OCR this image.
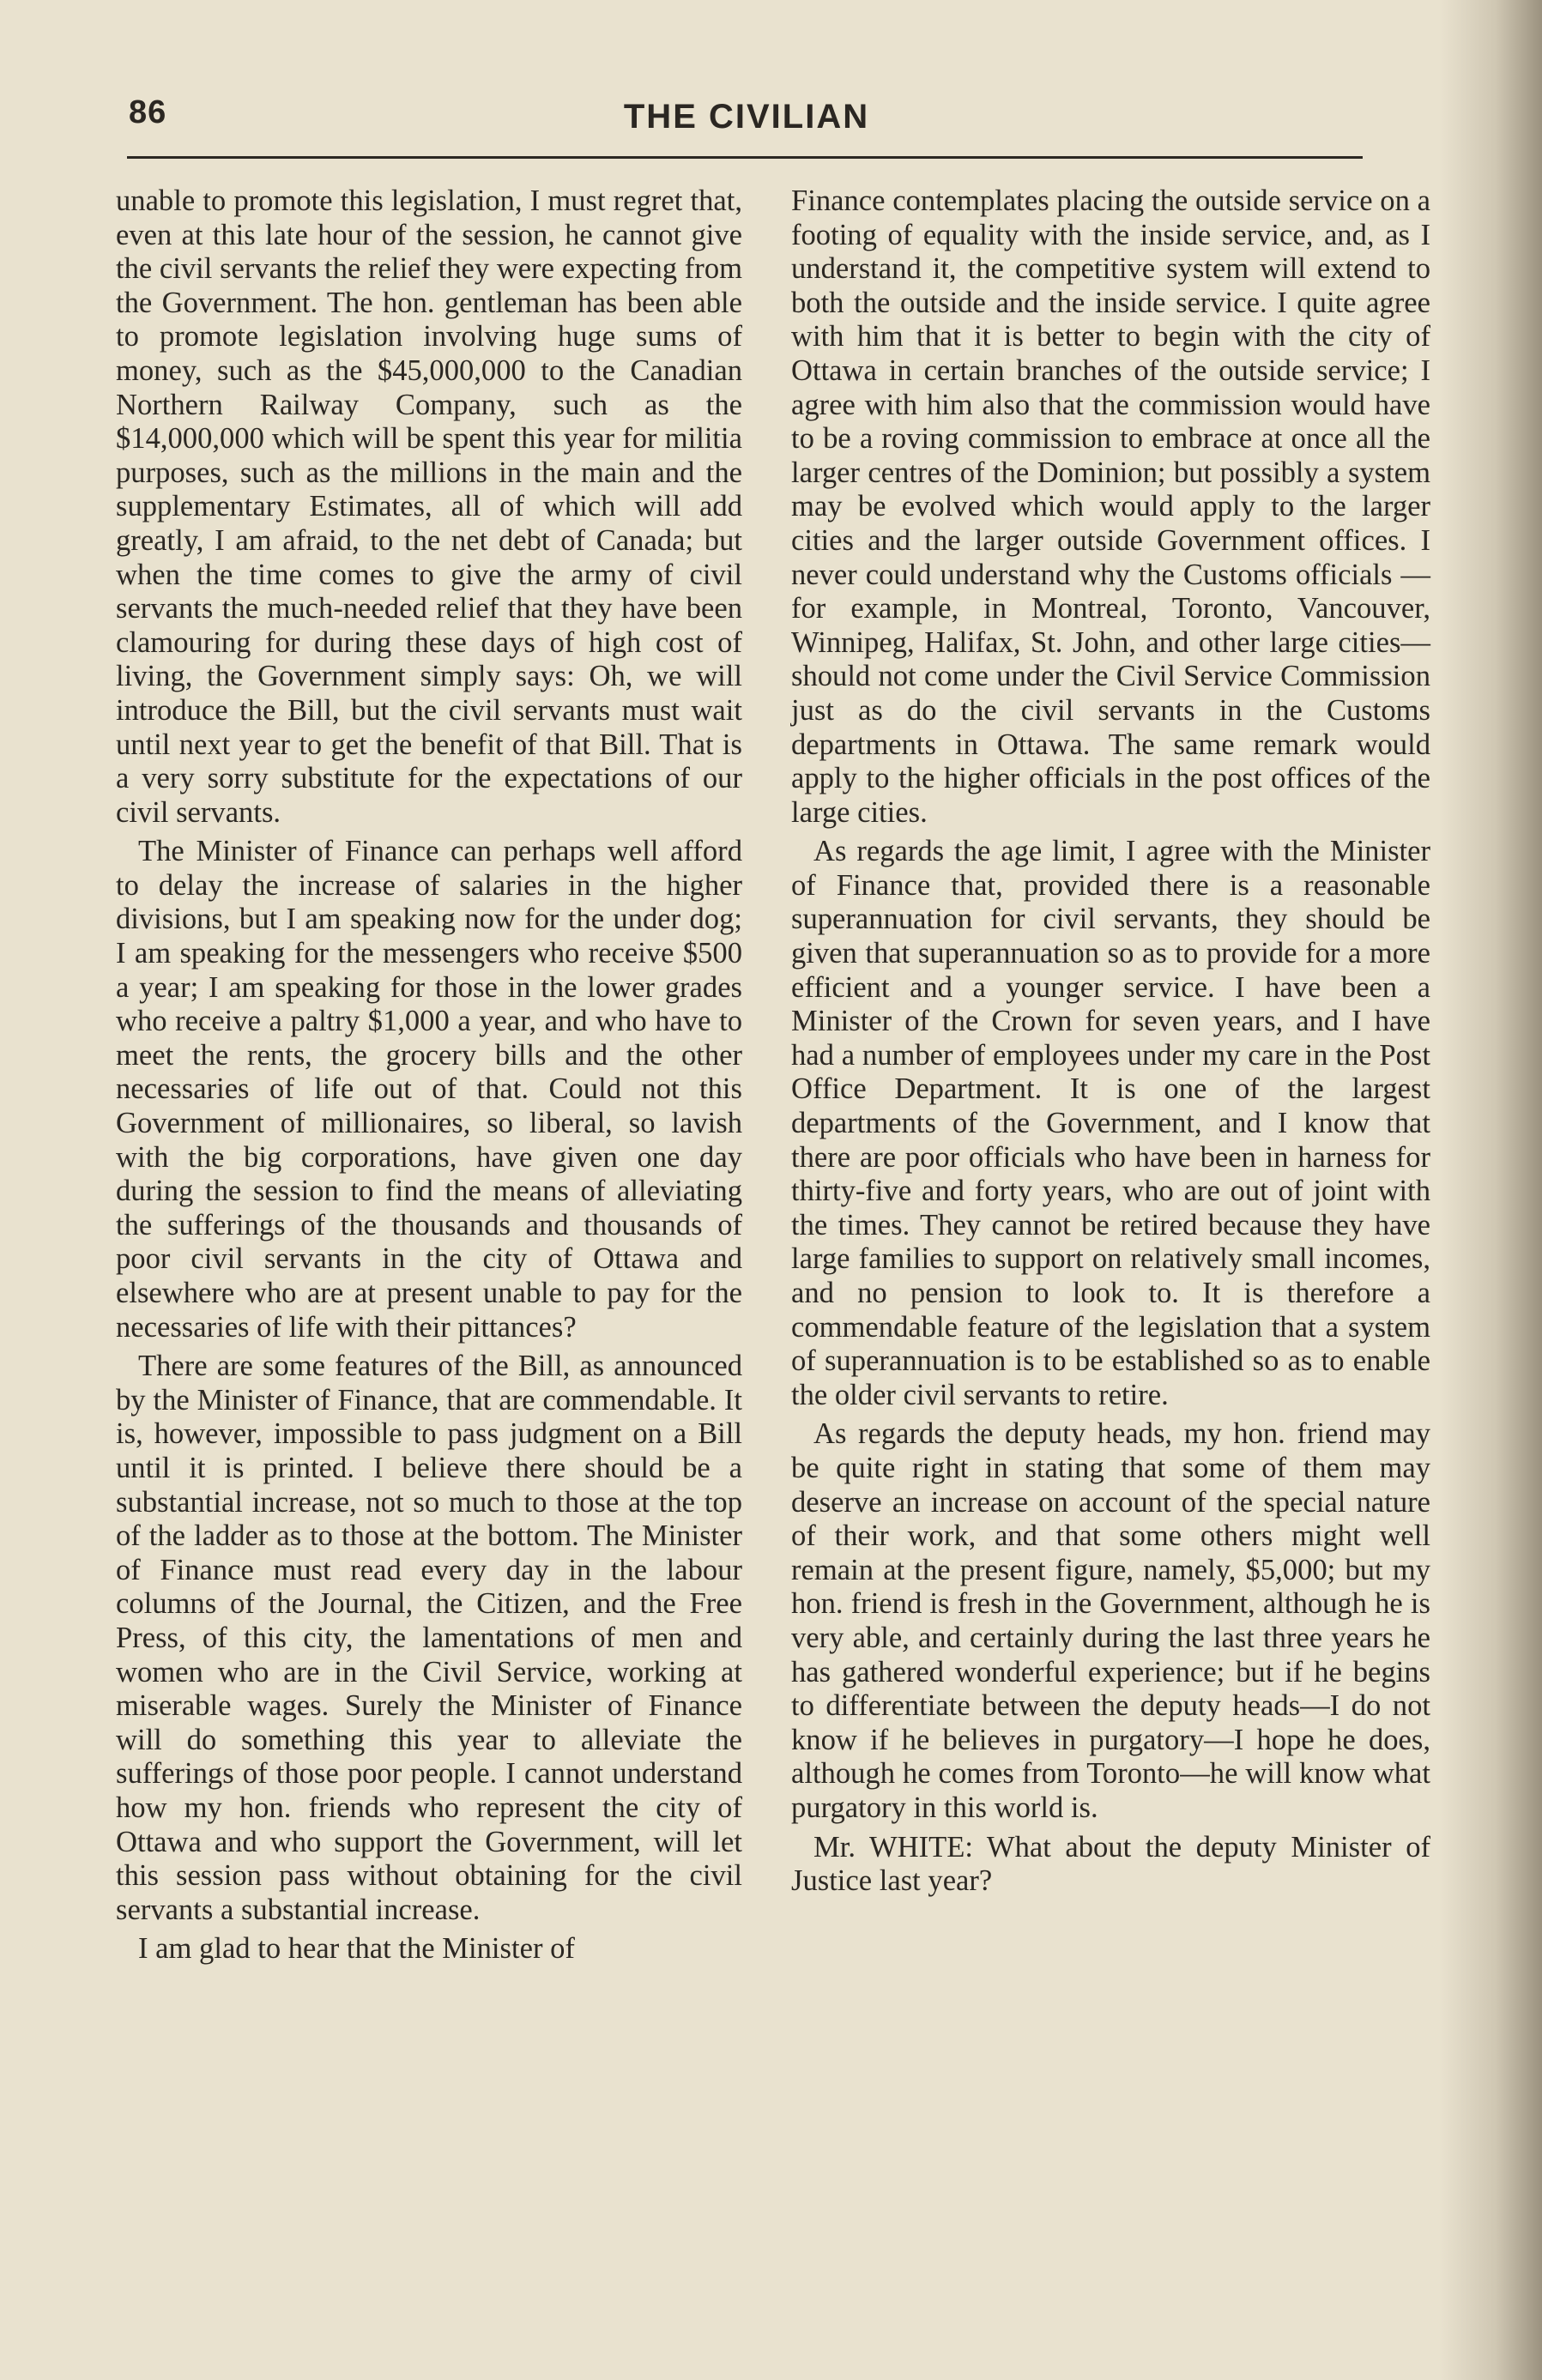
86	THE CIVILIAN

unable to promote this legislation, I must regret that, even at this late hour of the session, he cannot give the civil servants the relief they were expecting from the Government. The hon. gentleman has been able to promote legislation involving huge sums of money, such as the $45,000,000 to the Canadian Northern Railway Company, such as the $14,000,000 which will be spent this year for militia purposes, such as the millions in the main and the supplementary Estimates, all of which will add greatly, I am afraid, to the net debt of Canada; but when the time comes to give the army of civil servants the much-needed relief that they have been clamouring for during these days of high cost of living, the Government simply says: Oh, we will introduce the Bill, but the civil servants must wait until next year to get the benefit of that Bill. That is a very sorry substitute for the expectations of our civil servants.

The Minister of Finance can perhaps well afford to delay the increase of salaries in the higher divisions, but I am speaking now for the under dog; I am speaking for the messengers who receive $500 a year; I am speaking for those in the lower grades who receive a paltry $1,000 a year, and who have to meet the rents, the grocery bills and the other necessaries of life out of that. Could not this Government of millionaires, so liberal, so lavish with the big corporations, have given one day during the session to find the means of alleviating the sufferings of the thousands and thousands of poor civil servants in the city of Ottawa and elsewhere who are at present unable to pay for the necessaries of life with their pittances?

There are some features of the Bill, as announced by the Minister of Finance, that are commendable. It is, however, impossible to pass judgment on a Bill until it is printed. I believe there should be a substantial increase, not so much to those at the top of the ladder as to those at the bottom. The Minister of Finance must read every day in the labour columns of the Journal, the Citizen, and the Free Press, of this city, the lamentations of men and women who are in the Civil Service, working at miserable wages. Surely the Minister of Finance will do something this year to alleviate the sufferings of those poor people. I cannot understand how my hon. friends who represent the city of Ottawa and who support the Government, will let this session pass without obtaining for the civil servants a substantial increase.

I am glad to hear that the Minister of

Finance contemplates placing the outside service on a footing of equality with the inside service, and, as I understand it, the competitive system will extend to both the outside and the inside service. I quite agree with him that it is better to begin with the city of Ottawa in certain branches of the outside service; I agree with him also that the commission would have to be a roving commission to embrace at once all the larger centres of the Dominion; but possibly a system may be evolved which would apply to the larger cities and the larger outside Government offices. I never could understand why the Customs officials —for example, in Montreal, Toronto, Vancouver, Winnipeg, Halifax, St. John, and other large cities—should not come under the Civil Service Commission just as do the civil servants in the Customs departments in Ottawa. The same remark would apply to the higher officials in the post offices of the large cities.

As regards the age limit, I agree with the Minister of Finance that, provided there is a reasonable superannuation for civil servants, they should be given that superannuation so as to provide for a more efficient and a younger service. I have been a Minister of the Crown for seven years, and I have had a number of employees under my care in the Post Office Department. It is one of the largest departments of the Government, and I know that there are poor officials who have been in harness for thirty-five and forty years, who are out of joint with the times. They cannot be retired because they have large families to support on relatively small incomes, and no pension to look to. It is therefore a commendable feature of the legislation that a system of superannuation is to be established so as to enable the older civil servants to retire.

As regards the deputy heads, my hon. friend may be quite right in stating that some of them may deserve an increase on account of the special nature of their work, and that some others might well remain at the present figure, namely, $5,000; but my hon. friend is fresh in the Government, although he is very able, and certainly during the last three years he has gathered wonderful experience; but if he begins to differentiate between the deputy heads—I do not know if he believes in purgatory—I hope he does, although he comes from Toronto—he will know what purgatory in this world is.

Mr. WHITE: What about the deputy Minister of Justice last year?
